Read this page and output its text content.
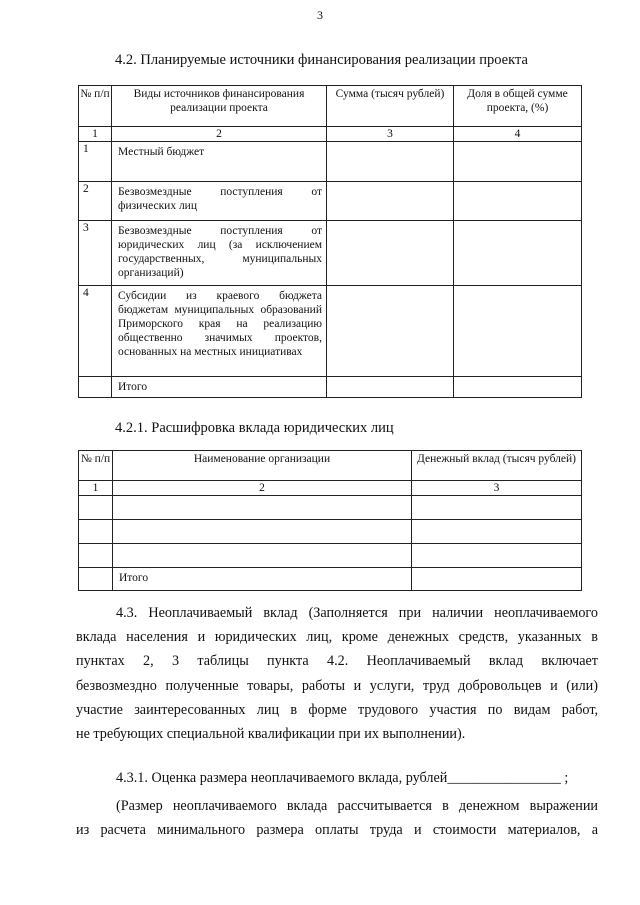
3
4.2. Планируемые источники финансирования реализации проекта
№ п/п	Виды источников финансирования реализации проекта	Сумма (тысяч рублей)	Доля в общей сумме проекта, (%)
1	2	3	4
1	Местный бюджет		
2	Безвозмездные поступления от физических лиц		
3	Безвозмездные поступления от юридических лиц (за исключением государственных, муниципальных организаций)		
4	Субсидии из краевого бюджета бюджетам муниципальных образований Приморского края на реализацию общественно значимых проектов, основанных на местных инициативах		
	Итого		
4.2.1. Расшифровка вклада юридических лиц
№ п/п	Наименование организации	Денежный вклад (тысяч рублей)
1	2	3

	Итого	
4.3. Неоплачиваемый вклад (Заполняется при наличии неоплачиваемого
вклада населения и юридических лиц, кроме денежных средств, указанных в
пунктах 2, 3 таблицы пункта 4.2. Неоплачиваемый вклад включает
безвозмездно полученные товары, работы и услуги, труд добровольцев и (или)
участие заинтересованных лиц в форме трудового участия по видам работ,
не требующих специальной квалификации при их выполнении).
4.3.1. Оценка размера неоплачиваемого вклада, рублей________________ ;
(Размер неоплачиваемого вклада рассчитывается в денежном выражении
из расчета минимального размера оплаты труда и стоимости материалов, а
